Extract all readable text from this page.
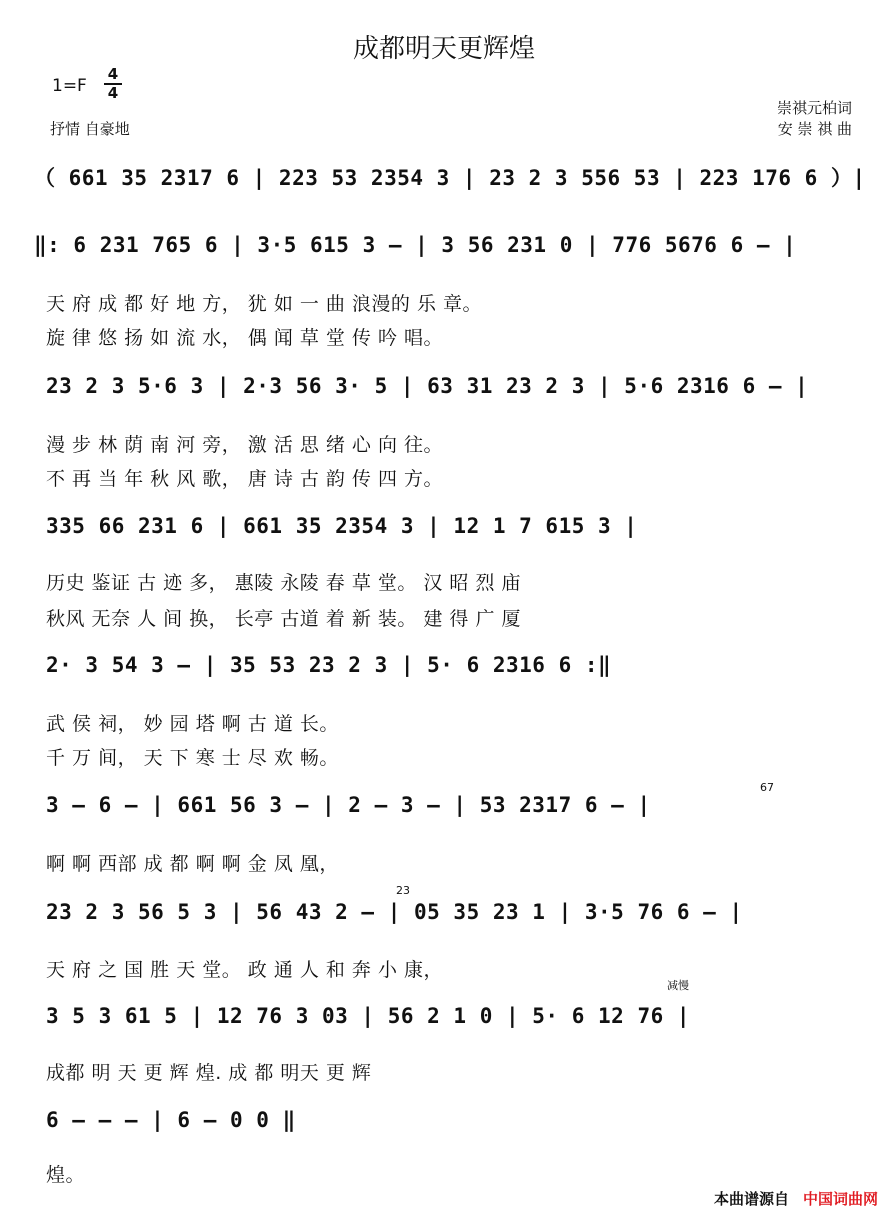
成都明天更辉煌
$1=F \frac{4}{4}$
抒情 自豪地
崇祺元柏词
安 崇 祺 曲
（ 661 35 2317 6 | 223 53 2354 3 | 23 2 3 556 53 | 223 176 6 ）|
‖: 6 231 765 6 | 3·5 615 3 – | 3 56 231 0 | 776 5676 6 – |
天 府 成 都 好 地 方， 犹 如 一 曲 浪漫的 乐 章。
旋 律 悠 扬 如 流 水， 偶 闻 草 堂 传 吟 唱。
23 2 3 5·6 3 | 2·3 56 3· 5 | 63 31 23 2 3 | 5·6 2316 6 – |
漫 步 林 荫 南 河 旁， 激 活 思 绪 心 向 往。
不 再 当 年 秋 风 歌， 唐 诗 古 韵 传 四 方。
335 66 231 6 | 661 35 2354 3 | 12 1 7 615 3 |
历史 鉴证 古 迹 多， 惠陵 永陵 春 草 堂。 汉 昭 烈 庙
秋风 无奈 人 间 换， 长亭 古道 着 新 装。 建 得 广 厦
2· 3 54 3 – | 35 53 23 2 3 | 5· 6 2316 6 :‖
武 侯 祠， 妙 园 塔 啊 古 道 长。
千 万 间， 天 下 寒 士 尽 欢 畅。
67
3 – 6 – | 661 56 3 – | 2 – 3 – | 53 2317 6 – |
啊 啊 西部 成 都 啊 啊 金 凤 凰，
23
23 2 3 56 5 3 | 56 43 2 – | 05 35 23 1 | 3·5 76 6 – |
天 府 之 国 胜 天 堂。 政 通 人 和 奔 小 康，
减慢
3 5 3 61 5 | 12 76 3 03 | 56 2 1 0 | 5· 6 12 76 |
成都 明 天 更 辉 煌. 成 都 明天 更 辉
6 – – – | 6 – 0 0 ‖
煌。
本曲谱源自 中国词曲网
